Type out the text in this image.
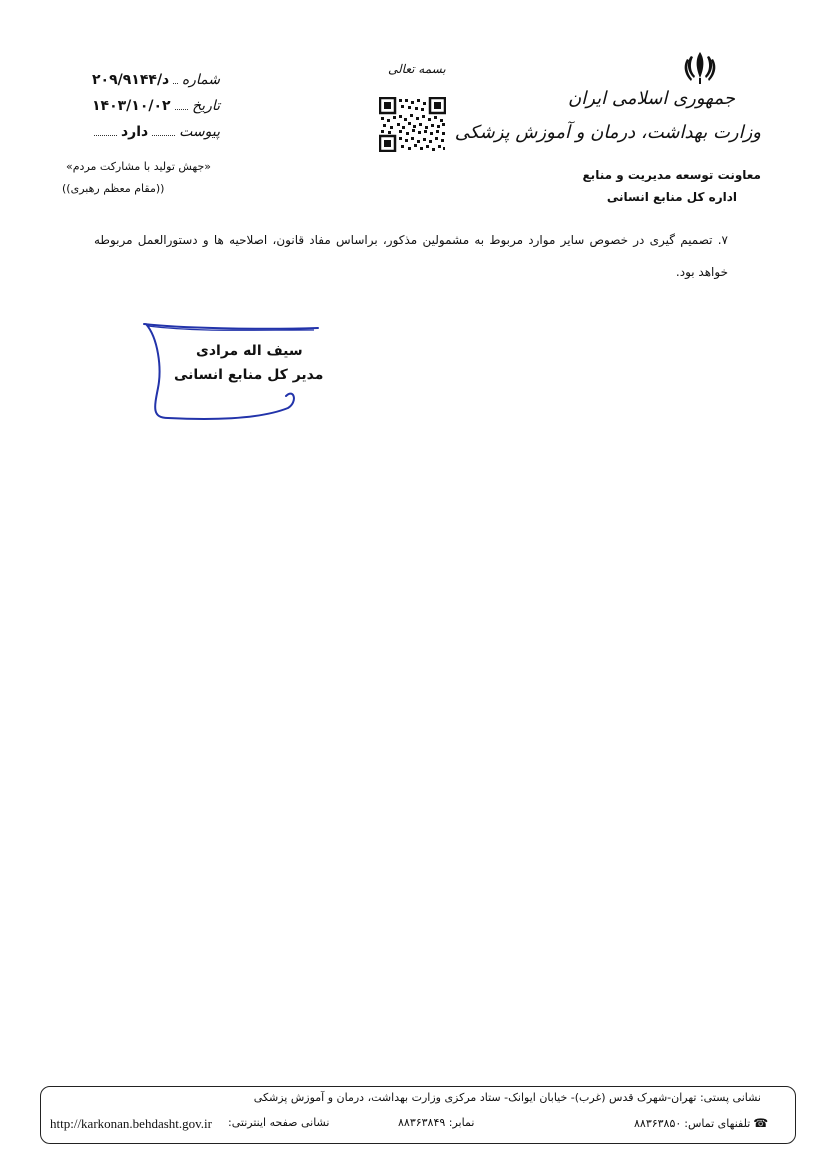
جمهوری اسلامی ایران
وزارت بهداشت، درمان و آموزش پزشکی
معاونت توسعه مدیریت و منابع
اداره کل منابع انسانی
بسمه تعالی
شماره
د/۲۰۹/۹۱۴۴
تاریخ
۱۴۰۳/۱۰/۰۲
پیوست
دارد
«جهش تولید با مشارکت مردم»
((مقام معظم رهبری))
۷. تصمیم گیری در خصوص سایر موارد مربوط به مشمولین مذکور، براساس مفاد قانون، اصلاحیه ها و دستورالعمل مربوطه خواهد بود.
سیف اله مرادی
مدیر کل منابع انسانی
نشانی پستی: تهران-شهرک قدس (غرب)- خیابان ایوانک- ستاد مرکزی وزارت بهداشت، درمان و آموزش پزشکی
☎
تلفنهای تماس:
۸۸۳۶۳۸۵۰
نمابر: ۸۸۳۶۳۸۴۹
نشانی صفحه اینترنتی:
http://karkonan.behdasht.gov.ir
